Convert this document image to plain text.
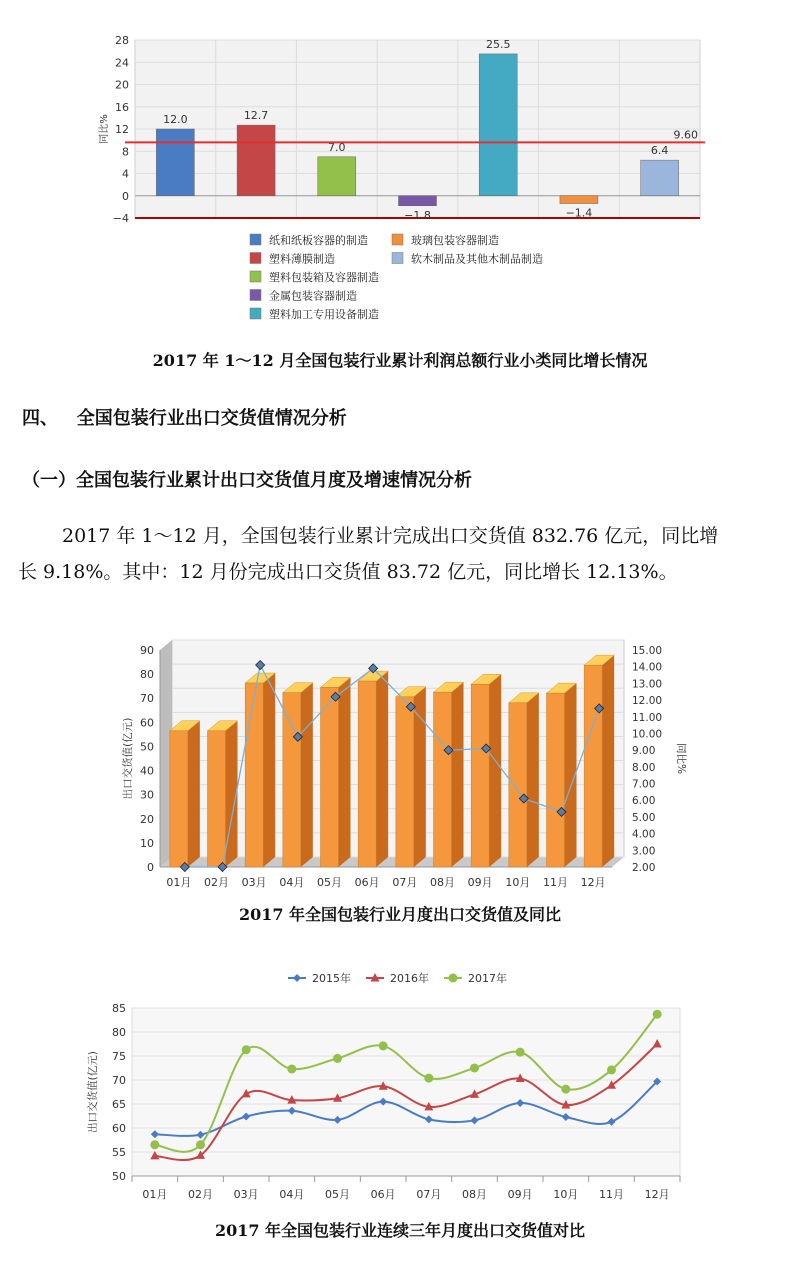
28
24
20
16
12
8
4
0
−4
同比%	12.0	12.7
7.0
−1.8
25.5
−1.4
6.4
9.60
纸和纸板容器的制造
塑料薄膜制造
塑料包装箱及容器制造
金属包装容器制造
塑料加工专用设备制造
玻璃包装容器制造
软木制品及其他木制品制造
2017 年 1～12 月全国包装行业累计利润总额行业小类同比增长情况
四、   全国包装行业出口交货值情况分析
（一）全国包装行业累计出口交货值月度及增速情况分析
2017 年 1～12 月，全国包装行业累计完成出口交货值 832.76 亿元，同比增
长 9.18%。其中：12 月份完成出口交货值 83.72 亿元，同比增长 12.13%。
0
10
20
30
40
50
60
70
80
90
2.00
3.00
4.00
5.00
6.00
7.00
8.00
9.00
10.00
11.00
12.00
13.00
14.00
15.00
出口交货值(亿元)	同比%
01月 02月 03月 04月 05月 06月 07月 08月 09月 10月 11月 12月
2017 年全国包装行业月度出口交货值及同比
50
55
60
65
70
75
80
85
出口交货值(亿元)
01月 02月 03月 04月 05月 06月 07月 08月 09月 10月 11月 12月
2015年	2016年	2017年
2017 年全国包装行业连续三年月度出口交货值对比
